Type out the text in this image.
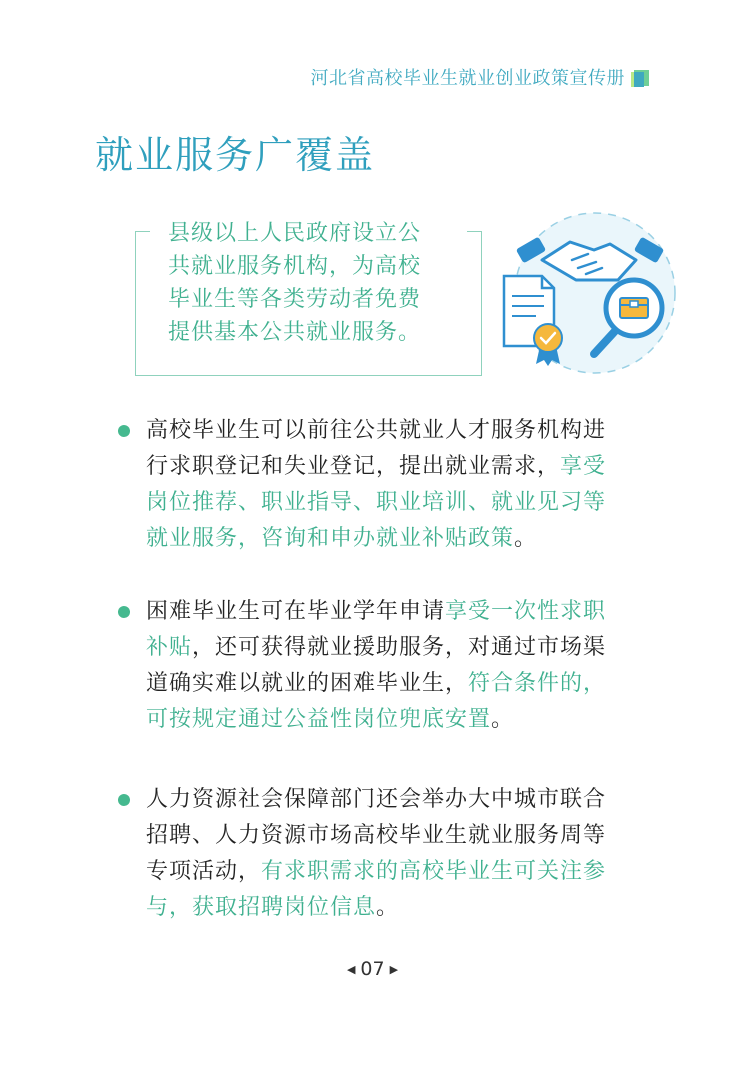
河北省高校毕业生就业创业政策宣传册
就业服务广覆盖
县级以上人民政府设立公
共就业服务机构，为高校
毕业生等各类劳动者免费
提供基本公共就业服务。
高校毕业生可以前往公共就业人才服务机构进
行求职登记和失业登记，提出就业需求，享受
岗位推荐、职业指导、职业培训、就业见习等
就业服务，咨询和申办就业补贴政策。
困难毕业生可在毕业学年申请享受一次性求职
补贴，还可获得就业援助服务，对通过市场渠
道确实难以就业的困难毕业生，符合条件的，
可按规定通过公益性岗位兜底安置。
人力资源社会保障部门还会举办大中城市联合
招聘、人力资源市场高校毕业生就业服务周等
专项活动，有求职需求的高校毕业生可关注参
与，获取招聘岗位信息。
◀ 07 ▶
